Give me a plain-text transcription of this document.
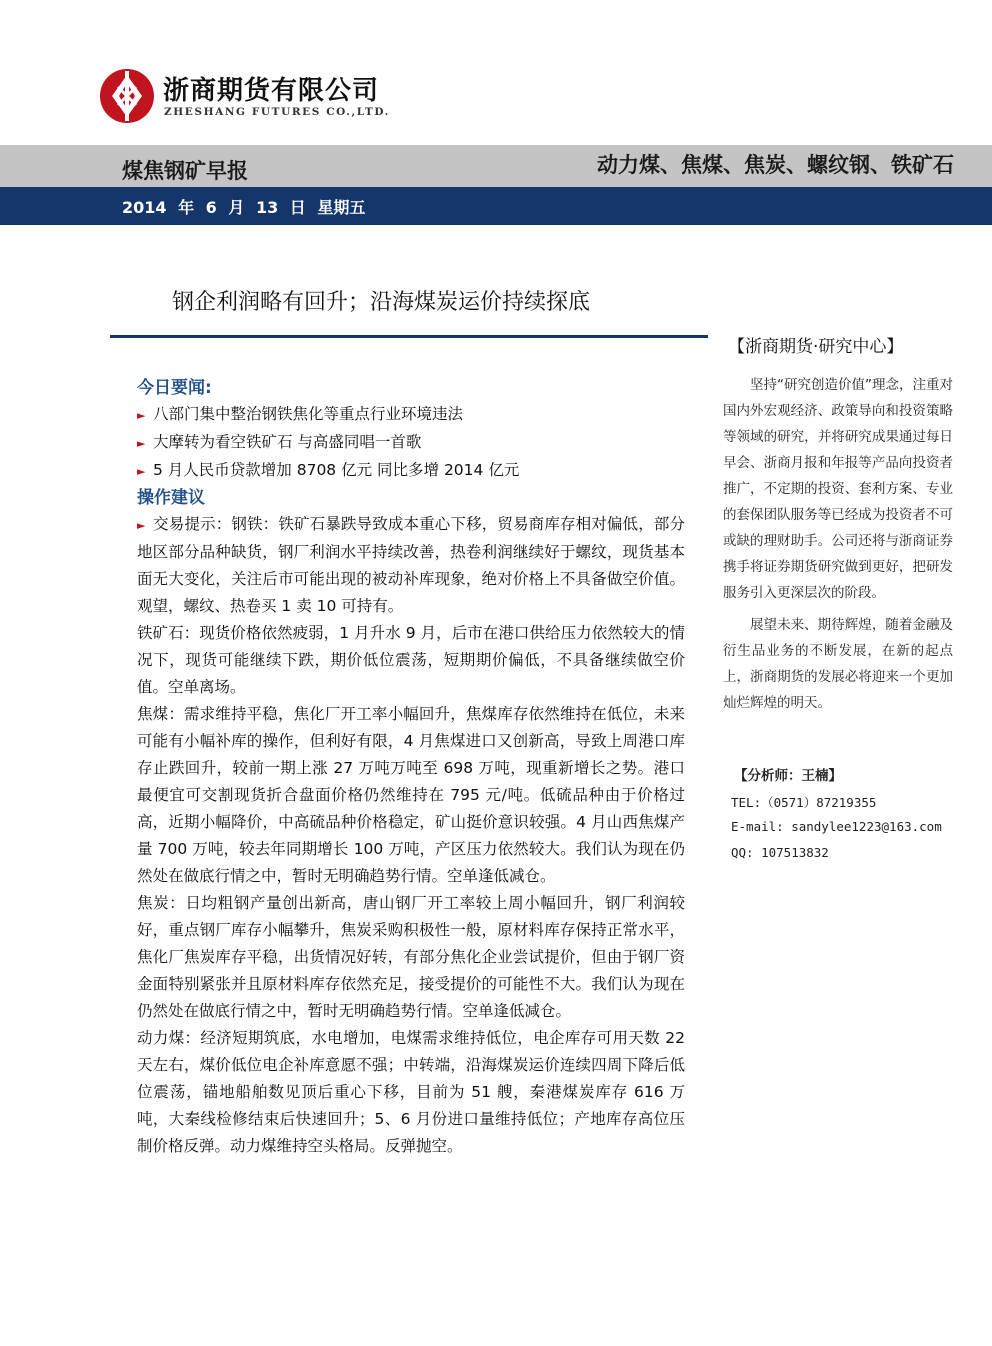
浙商期货有限公司
ZHESHANG FUTURES CO.,LTD.
煤焦钢矿早报	动力煤、焦煤、焦炭、螺纹钢、铁矿石
2014 年 6 月 13 日 星期五
钢企利润略有回升；沿海煤炭运价持续探底
今日要闻:
► 八部门集中整治钢铁焦化等重点行业环境违法
► 大摩转为看空铁矿石 与高盛同唱一首歌
► 5 月人民币贷款增加 8708 亿元 同比多增 2014 亿元
操作建议
► 交易提示：钢铁：铁矿石暴跌导致成本重心下移，贸易商库存相对偏低，部分地区部分品种缺货，钢厂利润水平持续改善，热卷利润继续好于螺纹，现货基本面无大变化，关注后市可能出现的被动补库现象，绝对价格上不具备做空价值。观望，螺纹、热卷买 1 卖 10 可持有。
铁矿石：现货价格依然疲弱，1 月升水 9 月，后市在港口供给压力依然较大的情况下，现货可能继续下跌，期价低位震荡，短期期价偏低，不具备继续做空价值。空单离场。
焦煤：需求维持平稳，焦化厂开工率小幅回升，焦煤库存依然维持在低位，未来可能有小幅补库的操作，但利好有限，4 月焦煤进口又创新高，导致上周港口库存止跌回升，较前一期上涨 27 万吨万吨至 698 万吨，现重新增长之势。港口最便宜可交割现货折合盘面价格仍然维持在 795 元/吨。低硫品种由于价格过高，近期小幅降价，中高硫品种价格稳定，矿山挺价意识较强。4 月山西焦煤产量 700 万吨，较去年同期增长 100 万吨，产区压力依然较大。我们认为现在仍然处在做底行情之中，暂时无明确趋势行情。空单逢低减仓。
焦炭：日均粗钢产量创出新高，唐山钢厂开工率较上周小幅回升，钢厂利润较好，重点钢厂库存小幅攀升，焦炭采购积极性一般，原材料库存保持正常水平，焦化厂焦炭库存平稳，出货情况好转，有部分焦化企业尝试提价，但由于钢厂资金面特别紧张并且原材料库存依然充足，接受提价的可能性不大。我们认为现在仍然处在做底行情之中，暂时无明确趋势行情。空单逢低减仓。
动力煤：经济短期筑底，水电增加，电煤需求维持低位，电企库存可用天数 22 天左右，煤价低位电企补库意愿不强；中转端，沿海煤炭运价连续四周下降后低位震荡，锚地船舶数见顶后重心下移，目前为 51 艘，秦港煤炭库存 616 万吨，大秦线检修结束后快速回升；5、6 月份进口量维持低位；产地库存高位压制价格反弹。动力煤维持空头格局。反弹抛空。
【浙商期货·研究中心】

坚持“研究创造价值”理念，注重对国内外宏观经济、政策导向和投资策略等领域的研究，并将研究成果通过每日早会、浙商月报和年报等产品向投资者推广，不定期的投资、套利方案、专业的套保团队服务等已经成为投资者不可或缺的理财助手。公司还将与浙商证券携手将证券期货研究做到更好，把研发服务引入更深层次的阶段。

展望未来、期待辉煌，随着金融及衍生品业务的不断发展，在新的起点上，浙商期货的发展必将迎来一个更加灿烂辉煌的明天。

【分析师：王楠】
TEL:（0571）87219355
E-mail: sandylee1223@163.com
QQ: 107513832
